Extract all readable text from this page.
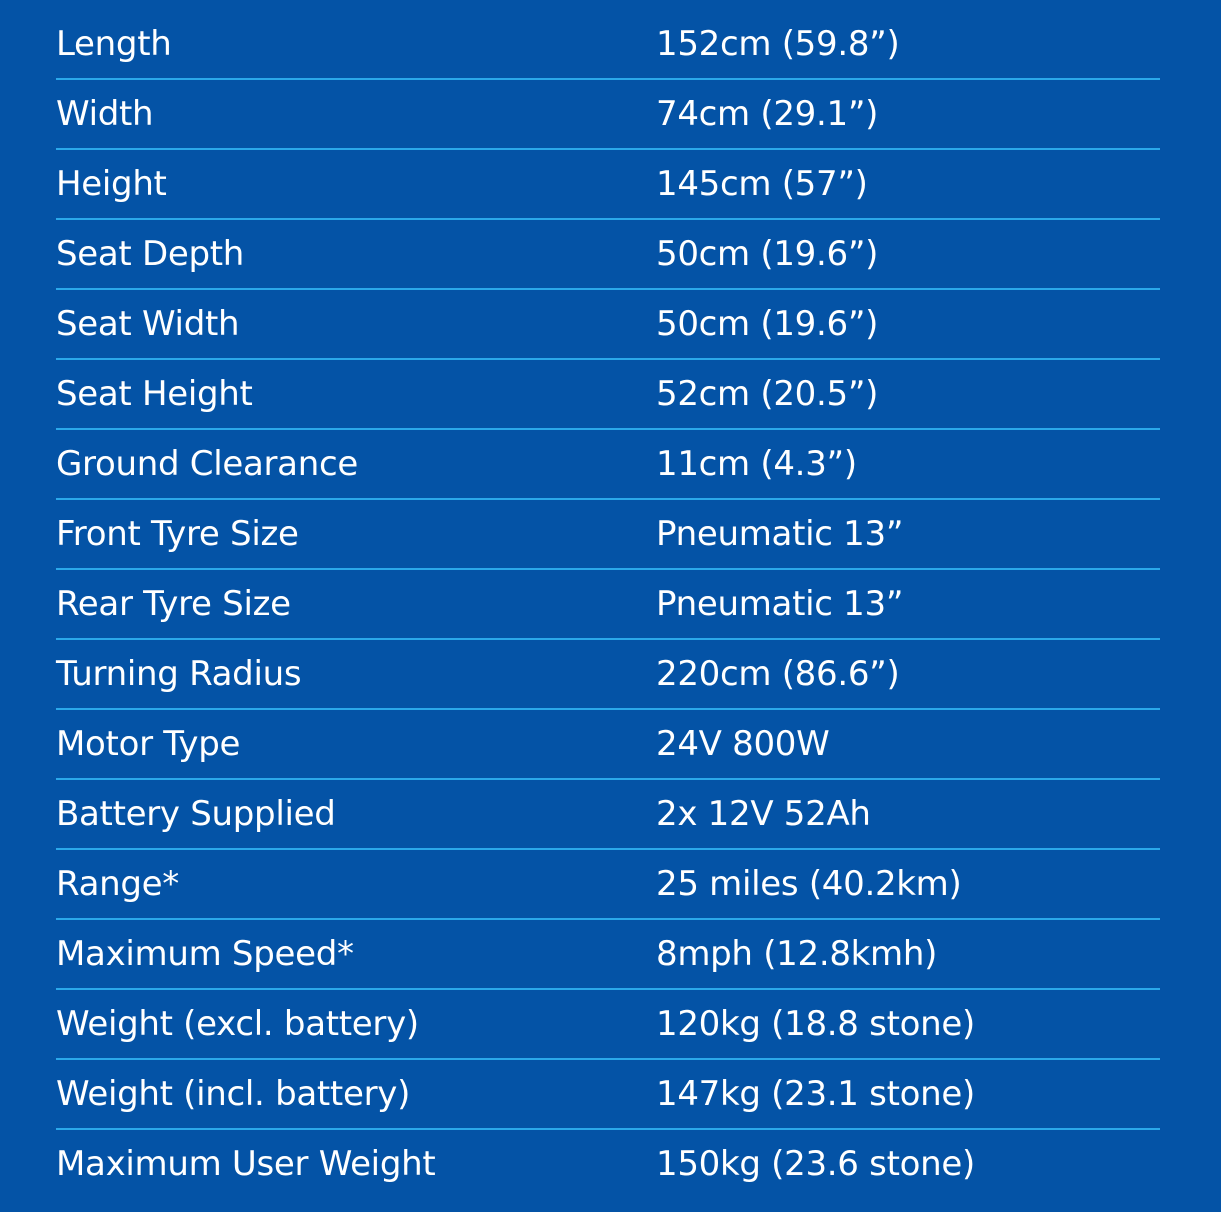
Length	152cm (59.8”)
Width	74cm (29.1”)
Height	145cm (57”)
Seat Depth	50cm (19.6”)
Seat Width	50cm (19.6”)
Seat Height	52cm (20.5”)
Ground Clearance	11cm (4.3”)
Front Tyre Size	Pneumatic 13”
Rear Tyre Size	Pneumatic 13”
Turning Radius	220cm (86.6”)
Motor Type	24V 800W
Battery Supplied	2x 12V 52Ah
Range*	25 miles (40.2km)
Maximum Speed*	8mph (12.8kmh)
Weight (excl. battery)	120kg (18.8 stone)
Weight (incl. battery)	147kg (23.1 stone)
Maximum User Weight	150kg (23.6 stone)
